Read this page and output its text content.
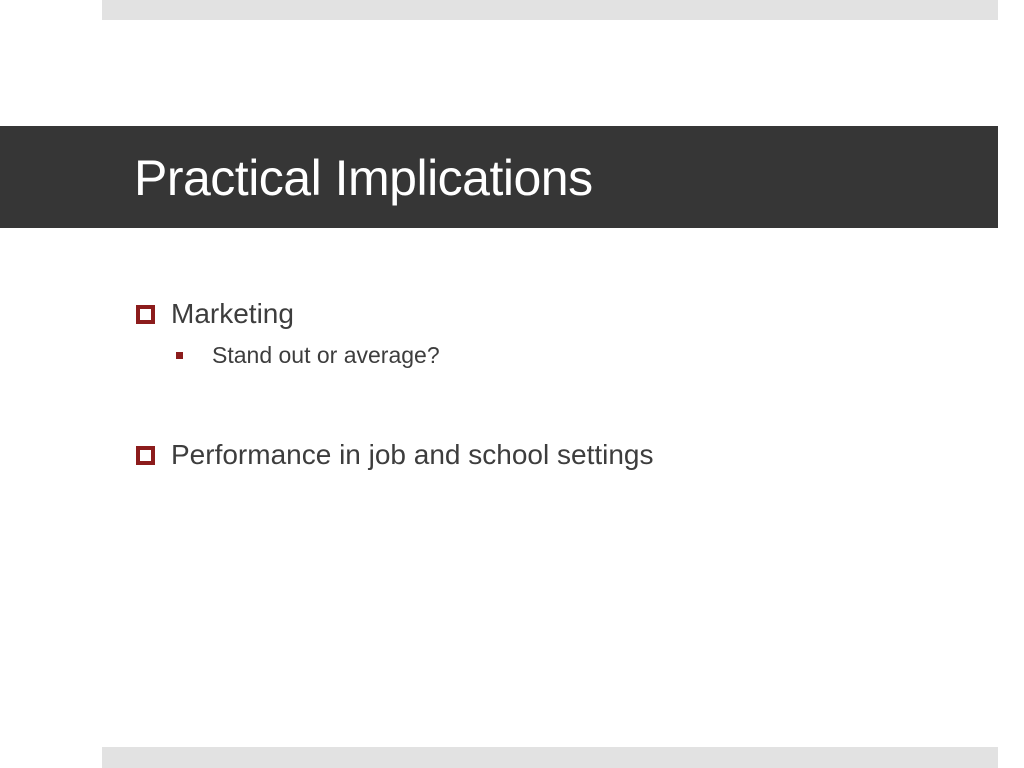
Practical Implications
Marketing
Stand out or average?
Performance in job and school settings
